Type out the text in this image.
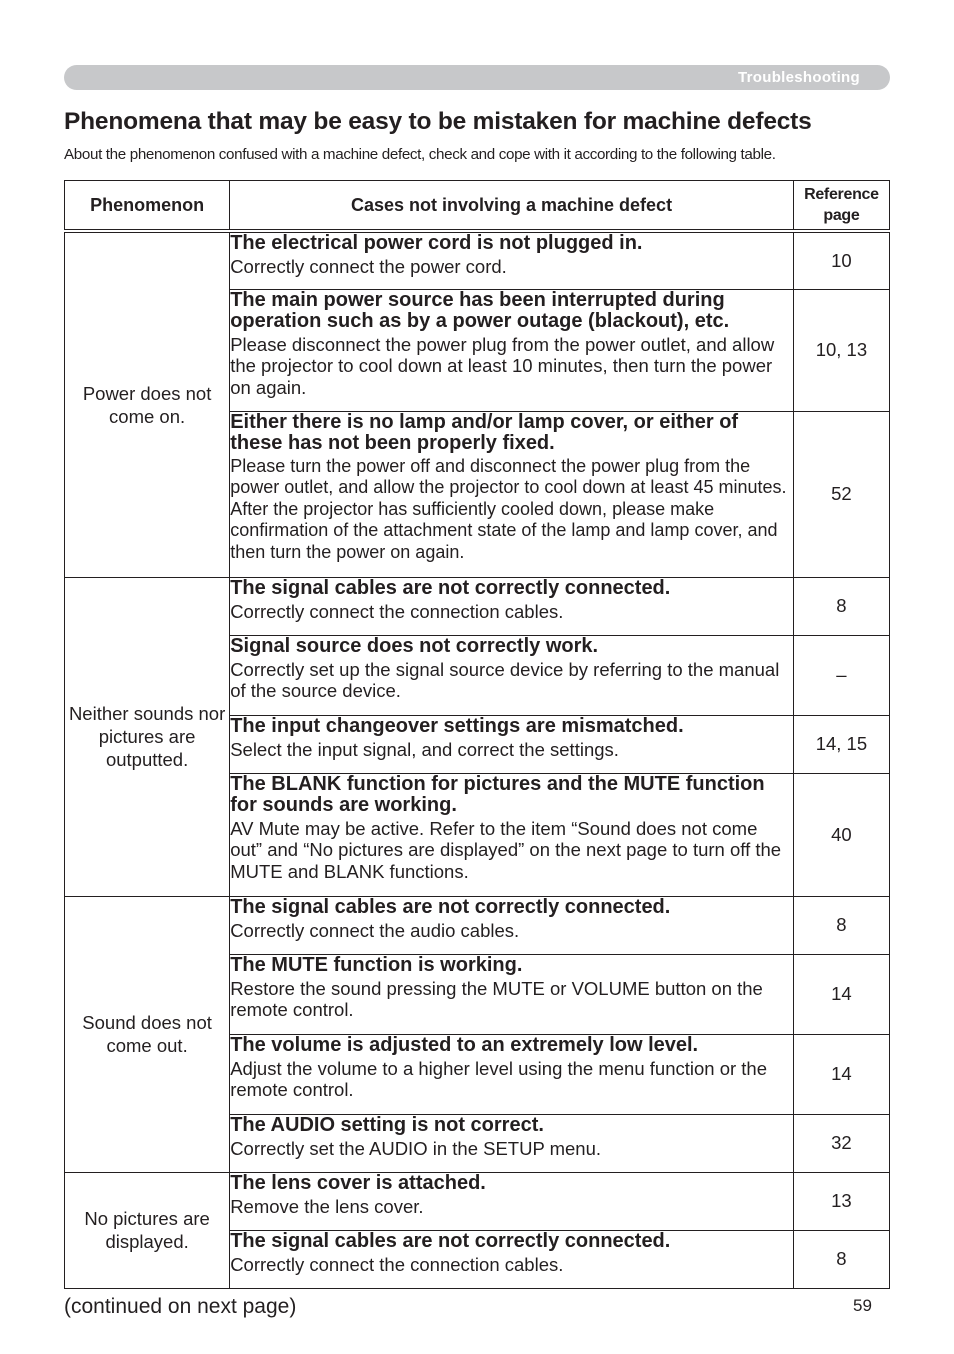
Troubleshooting
Phenomena that may be easy to be mistaken for machine defects

About the phenomenon confused with a machine defect, check and cope with it according to the following table.

Phenomenon	Cases not involving a machine defect	Reference
page
Power does not come on.	The electrical power cord is not plugged in.

Correctly connect the power cord.	10

	The main power source has been interrupted during operation such as by a power outage (blackout), etc.

Please disconnect the power plug from the power outlet, and allow the projector to cool down at least 10 minutes, then turn the power on again.	10, 13

	Either there is no lamp and/or lamp cover, or either of these has not been properly fixed.

Please turn the power off and disconnect the power plug from the power outlet, and allow the projector to cool down at least 45 minutes. After the projector has sufficiently cooled down, please make confirmation of the attachment state of the lamp and lamp cover, and then turn the power on again.	52
Neither sounds nor pictures are outputted.	The signal cables are not correctly connected.

Correctly connect the connection cables.	8

	Signal source does not correctly work.

Correctly set up the signal source device by referring to the manual of the source device.	–

	The input changeover settings are mismatched.

Select the input signal, and correct the settings.	14, 15

	The BLANK function for pictures and the MUTE function for sounds are working.

AV Mute may be active. Refer to the item “Sound does not come out” and “No pictures are displayed” on the next page to turn off the MUTE and BLANK functions.	40
Sound does not come out.	The signal cables are not correctly connected.

Correctly connect the audio cables.	8

	The MUTE function is working.

Restore the sound pressing the MUTE or VOLUME button on the remote control.	14

	The volume is adjusted to an extremely low level.

Adjust the volume to a higher level using the menu function or the remote control.	14

	The AUDIO setting is not correct.

Correctly set the AUDIO in the SETUP menu.	32
No pictures are displayed.	The lens cover is attached.

Remove the lens cover.	13

	The signal cables are not correctly connected.

Correctly connect the connection cables.	8
(continued on next page)	59
